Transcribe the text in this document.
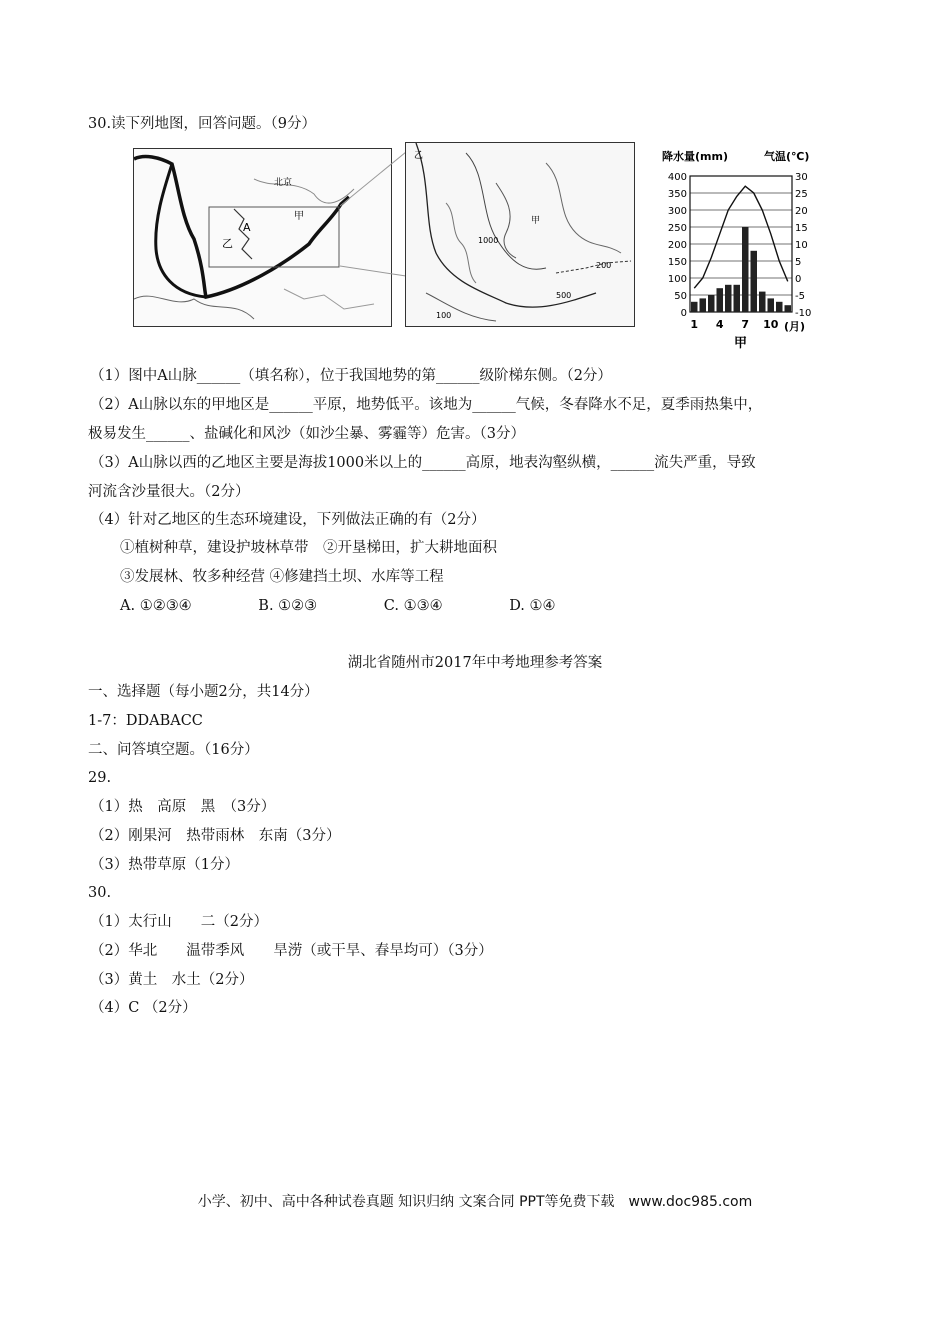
30.读下列地图，回答问题。（9分）
北京
甲
乙
A
乙
甲
1000
200
500
100
降水量(mm)	气温(℃)
0
50
100
150
200
250
300
350
400
-10
-5
0
5
10
15
20
25
30
1 4 7 10 (月)
甲
（1）图中A山脉______（填名称），位于我国地势的第______级阶梯东侧。（2分）
（2）A山脉以东的甲地区是______平原，地势低平。该地为______气候，冬春降水不足，夏季雨热集中，
极易发生______、盐碱化和风沙（如沙尘暴、雾霾等）危害。（3分）
（3）A山脉以西的乙地区主要是海拔1000米以上的______高原，地表沟壑纵横，______流失严重，导致
河流含沙量很大。（2分）
（4）针对乙地区的生态环境建设，下列做法正确的有（2分）
①植树种草，建设护坡林草带　②开垦梯田，扩大耕地面积
③发展林、牧多种经营 ④修建挡土坝、水库等工程
A. ①②③④	B. ①②③	C. ①③④	D. ①④
湖北省随州市2017年中考地理参考答案
一、选择题（每小题2分，共14分）
1-7：DDABACC
二、问答填空题。（16分）
29.
（1）热　高原　黑　（3分）
（2）刚果河　热带雨林　东南（3分）
（3）热带草原（1分）
30.
（1）太行山　　二（2分）
（2）华北　　温带季风　　旱涝（或干旱、春旱均可）（3分）
（3）黄土　水土（2分）
（4）C （2分）
小学、初中、高中各种试卷真题 知识归纳 文案合同 PPT等免费下载　www.doc985.com
